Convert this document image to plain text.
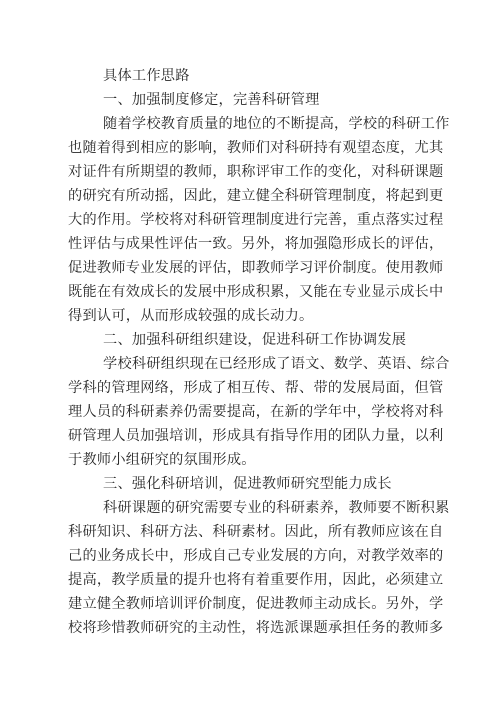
具体工作思路
一、加强制度修定，完善科研管理
随着学校教育质量的地位的不断提高，学校的科研工作
也随着得到相应的影响，教师们对科研持有观望态度，尤其
对证件有所期望的教师，职称评审工作的变化，对科研课题
的研究有所动摇，因此，建立健全科研管理制度，将起到更
大的作用。学校将对科研管理制度进行完善，重点落实过程
性评估与成果性评估一致。另外，将加强隐形成长的评估，
促进教师专业发展的评估，即教师学习评价制度。使用教师
既能在有效成长的发展中形成积累，又能在专业显示成长中
得到认可，从而形成较强的成长动力。
二、加强科研组织建设，促进科研工作协调发展
学校科研组织现在已经形成了语文、数学、英语、综合
学科的管理网络，形成了相互传、帮、带的发展局面，但管
理人员的科研素养仍需要提高，在新的学年中，学校将对科
研管理人员加强培训，形成具有指导作用的团队力量，以利
于教师小组研究的氛围形成。
三、强化科研培训，促进教师研究型能力成长
科研课题的研究需要专业的科研素养，教师要不断积累
科研知识、科研方法、科研素材。因此，所有教师应该在自
己的业务成长中，形成自己专业发展的方向，对教学效率的
提高，教学质量的提升也将有着重要作用，因此，必须建立
建立健全教师培训评价制度，促进教师主动成长。另外，学
校将珍惜教师研究的主动性，将选派课题承担任务的教师多
